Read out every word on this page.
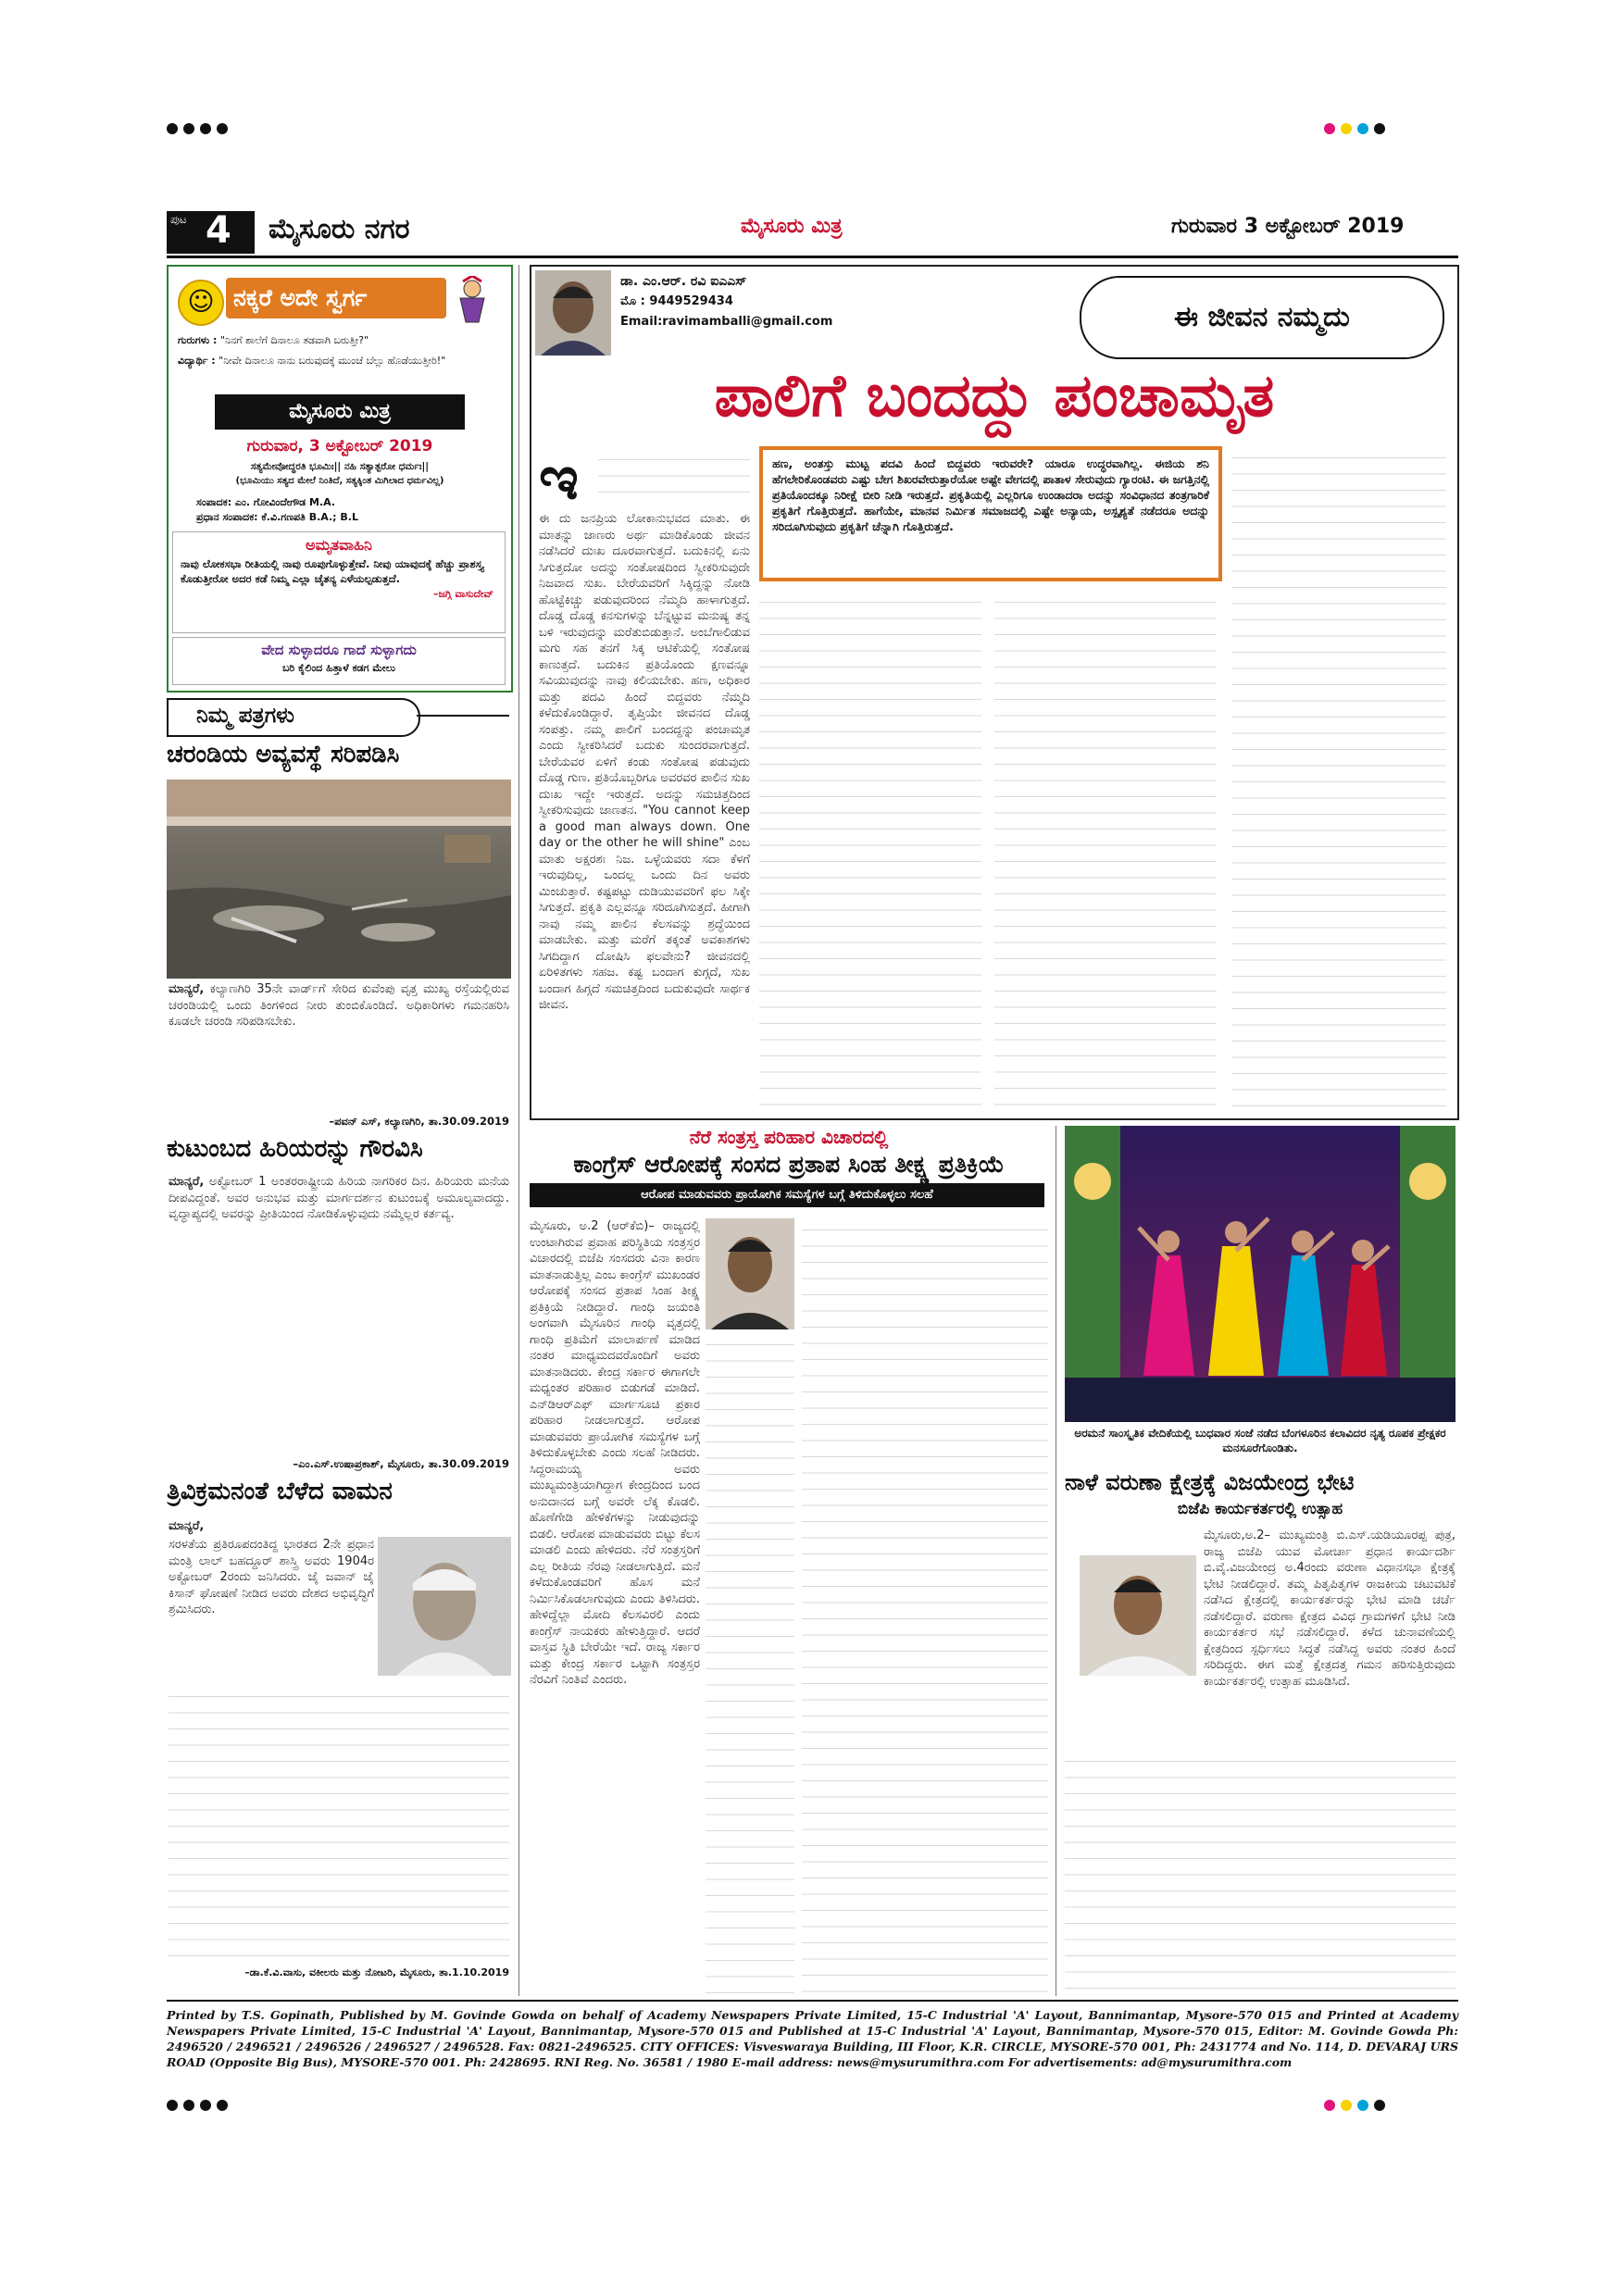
ಪುಟ 4 ಮೈಸೂರು ನಗರ	ಮೈಸೂರು ಮಿತ್ರ	ಗುರುವಾರ 3 ಅಕ್ಟೋಬರ್ 2019
☺ ನಕ್ಕರೆ ಅದೇ ಸ್ವರ್ಗ
ಗುರುಗಳು : "ನಿನಗೆ ಶಾಲೆಗೆ ದಿನಾಲೂ ತಡವಾಗಿ ಬರುತ್ತೀ?"
ವಿದ್ಯಾರ್ಥಿ : "ನೀವೇ ದಿನಾಲೂ ನಾನು ಬರುವುದಕ್ಕೆ ಮುಂಚೆ ಬೆಲ್ಲು ಹೊಡೆಯುತ್ತೀರಿ!"
ಮೈಸೂರು ಮಿತ್ರ
ಗುರುವಾರ, 3 ಅಕ್ಟೋಬರ್ 2019
ಸತ್ಯಮೇವೋದ್ಧರತಿ ಭೂಮಿಃ|| ನಹಿ ಸತ್ಯಾತ್ಪರೋ ಧರ್ಮಃ||
(ಭೂಮಿಯು ಸತ್ಯದ ಮೇಲೆ ನಿಂತಿದೆ, ಸತ್ಯಕ್ಕಿಂತ ಮಿಗಿಲಾದ ಧರ್ಮವಿಲ್ಲ)
ಸಂಪಾದಕ: ಎಂ. ಗೋವಿಂದೇಗೌಡ M.A.
ಪ್ರಧಾನ ಸಂಪಾದಕ: ಕೆ.ವಿ.ಗಣಪತಿ B.A.; B.L
ಅಮೃತವಾಹಿನಿ
ನಾವು ಲೋಕಸಭಾ ರೀತಿಯಲ್ಲಿ ನಾವು ರೂಪುಗೊಳ್ಳುತ್ತೇವೆ. ನೀವು ಯಾವುದಕ್ಕೆ ಹೆಚ್ಚು ಪ್ರಾಶಸ್ತ್ಯ ಕೊಡುತ್ತೀರೋ ಅದರ ಕಡೆ ನಿಮ್ಮ ಎಲ್ಲಾ ಚೈತನ್ಯ ಎಳೆಯಲ್ಪಡುತ್ತದೆ.
–ಜಗ್ಗಿ ವಾಸುದೇವ್
ವೇದ ಸುಳ್ಳಾದರೂ ಗಾದೆ ಸುಳ್ಳಾಗದು
ಬರಿ ಕೈಲಿಂದ ಹಿತ್ತಾಳೆ ಕಡಗ ಮೇಲು
ನಿಮ್ಮ ಪತ್ರಗಳು
ಚರಂಡಿಯ ಅವ್ಯವಸ್ಥೆ ಸರಿಪಡಿಸಿ
ಮಾನ್ಯರೆ, ಕಲ್ಯಾಣಗಿರಿ 35ನೇ ವಾರ್ಡ್‌ಗೆ ಸೇರಿದ ಕುವೆಂಪು ವೃತ್ತ ಮುಖ್ಯ ರಸ್ತೆಯಲ್ಲಿರುವ ಚರಂಡಿಯಲ್ಲಿ ಒಂದು ತಿಂಗಳಿಂದ ನೀರು ತುಂಬಿಕೊಂಡಿದೆ. ಅಧಿಕಾರಿಗಳು ಗಮನಹರಿಸಿ ಕೂಡಲೇ ಚರಂಡಿ ಸರಿಪಡಿಸಬೇಕು.
–ಪವನ್ ಎಸ್, ಕಲ್ಯಾಣಗಿರಿ, ತಾ.30.09.2019
ಕುಟುಂಬದ ಹಿರಿಯರನ್ನು ಗೌರವಿಸಿ
ಮಾನ್ಯರೆ, ಅಕ್ಟೋಬರ್ 1 ಅಂತರರಾಷ್ಟ್ರೀಯ ಹಿರಿಯ ನಾಗರಿಕರ ದಿನ. ಹಿರಿಯರು ಮನೆಯ ದೀಪವಿದ್ದಂತೆ. ಅವರ ಅನುಭವ ಮತ್ತು ಮಾರ್ಗದರ್ಶನ ಕುಟುಂಬಕ್ಕೆ ಅಮೂಲ್ಯವಾದದ್ದು. ವೃದ್ಧಾಪ್ಯದಲ್ಲಿ ಅವರನ್ನು ಪ್ರೀತಿಯಿಂದ ನೋಡಿಕೊಳ್ಳುವುದು ನಮ್ಮೆಲ್ಲರ ಕರ್ತವ್ಯ.
–ಎಂ.ಎಸ್.ಉಷಾಪ್ರಕಾಶ್, ಮೈಸೂರು, ತಾ.30.09.2019
ತ್ರಿವಿಕ್ರಮನಂತೆ ಬೆಳೆದ ವಾಮನ
ಮಾನ್ಯರೆ,
ಸರಳತೆಯ ಪ್ರತಿರೂಪದಂತಿದ್ದ ಭಾರತದ 2ನೇ ಪ್ರಧಾನ ಮಂತ್ರಿ ಲಾಲ್ ಬಹದ್ದೂರ್ ಶಾಸ್ತ್ರಿ ಅವರು 1904ರ ಅಕ್ಟೋಬರ್ 2ರಂದು ಜನಿಸಿದರು. ಜೈ ಜವಾನ್ ಜೈ ಕಿಸಾನ್ ಘೋಷಣೆ ನೀಡಿದ ಅವರು ದೇಶದ ಅಭಿವೃದ್ಧಿಗೆ ಶ್ರಮಿಸಿದರು.
–ಡಾ.ಕೆ.ವಿ.ವಾಸು, ವಕೀಲರು ಮತ್ತು ನೋಟರಿ, ಮೈಸೂರು, ತಾ.1.10.2019
ಡಾ. ಎಂ.ಆರ್. ರವಿ ಐಎಎಸ್
ಮೊ : 9449529434
Email:ravimamballi@gmail.com	ಈ ಜೀವನ ನಮ್ಮದು
ಪಾಲಿಗೆ ಬಂದದ್ದು ಪಂಚಾಮೃತ
ಇ
ಈ ದು ಜನಪ್ರಿಯ ಲೋಕಾನುಭವದ ಮಾತು. ಈ ಮಾತನ್ನು ಜಾಣರು ಅರ್ಥ ಮಾಡಿಕೊಂಡು ಜೀವನ ನಡೆಸಿದರೆ ದುಃಖ ದೂರವಾಗುತ್ತದೆ. ಬದುಕಿನಲ್ಲಿ ಏನು ಸಿಗುತ್ತದೋ ಅದನ್ನು ಸಂತೋಷದಿಂದ ಸ್ವೀಕರಿಸುವುದೇ ನಿಜವಾದ ಸುಖ. ಬೇರೆಯವರಿಗೆ ಸಿಕ್ಕಿದ್ದನ್ನು ನೋಡಿ ಹೊಟ್ಟೆಕಿಚ್ಚು ಪಡುವುದರಿಂದ ನೆಮ್ಮದಿ ಹಾಳಾಗುತ್ತದೆ. ದೊಡ್ಡ ದೊಡ್ಡ ಕನಸುಗಳನ್ನು ಬೆನ್ನಟ್ಟುವ ಮನುಷ್ಯ ತನ್ನ ಬಳಿ ಇರುವುದನ್ನು ಮರೆತುಬಿಡುತ್ತಾನೆ. ಅಂಬೆಗಾಲಿಡುವ ಮಗು ಸಹ ತನಗೆ ಸಿಕ್ಕ ಆಟಿಕೆಯಲ್ಲಿ ಸಂತೋಷ ಕಾಣುತ್ತದೆ. ಬದುಕಿನ ಪ್ರತಿಯೊಂದು ಕ್ಷಣವನ್ನೂ ಸವಿಯುವುದನ್ನು ನಾವು ಕಲಿಯಬೇಕು. ಹಣ, ಅಧಿಕಾರ ಮತ್ತು ಪದವಿ ಹಿಂದೆ ಬಿದ್ದವರು ನೆಮ್ಮದಿ ಕಳೆದುಕೊಂಡಿದ್ದಾರೆ. ತೃಪ್ತಿಯೇ ಜೀವನದ ದೊಡ್ಡ ಸಂಪತ್ತು. ನಮ್ಮ ಪಾಲಿಗೆ ಬಂದದ್ದನ್ನು ಪಂಚಾಮೃತ ಎಂದು ಸ್ವೀಕರಿಸಿದರೆ ಬದುಕು ಸುಂದರವಾಗುತ್ತದೆ. ಬೇರೆಯವರ ಏಳಿಗೆ ಕಂಡು ಸಂತೋಷ ಪಡುವುದು ದೊಡ್ಡ ಗುಣ. ಪ್ರತಿಯೊಬ್ಬರಿಗೂ ಅವರವರ ಪಾಲಿನ ಸುಖ ದುಃಖ ಇದ್ದೇ ಇರುತ್ತದೆ. ಅದನ್ನು ಸಮಚಿತ್ತದಿಂದ ಸ್ವೀಕರಿಸುವುದು ಜಾಣತನ. "You cannot keep a good man always down. One day or the other he will shine" ಎಂಬ ಮಾತು ಅಕ್ಷರಶಃ ನಿಜ. ಒಳ್ಳೆಯವರು ಸದಾ ಕೆಳಗೆ ಇರುವುದಿಲ್ಲ, ಒಂದಲ್ಲ ಒಂದು ದಿನ ಅವರು ಮಿಂಚುತ್ತಾರೆ. ಕಷ್ಟಪಟ್ಟು ದುಡಿಯುವವರಿಗೆ ಫಲ ಸಿಕ್ಕೇ ಸಿಗುತ್ತದೆ. ಪ್ರಕೃತಿ ಎಲ್ಲವನ್ನೂ ಸರಿದೂಗಿಸುತ್ತದೆ. ಹೀಗಾಗಿ ನಾವು ನಮ್ಮ ಪಾಲಿನ ಕೆಲಸವನ್ನು ಶ್ರದ್ಧೆಯಿಂದ ಮಾಡಬೇಕು. ಮತ್ತು ಮರೆಗೆ ತಕ್ಕಂತೆ ಅವಕಾಶಗಳು ಸಿಗದಿದ್ದಾಗ ದೋಷಿಸಿ ಫಲವೇನು? ಜೀವನದಲ್ಲಿ ಏರಿಳಿತಗಳು ಸಹಜ. ಕಷ್ಟ ಬಂದಾಗ ಕುಗ್ಗದೆ, ಸುಖ ಬಂದಾಗ ಹಿಗ್ಗದೆ ಸಮಚಿತ್ತದಿಂದ ಬದುಕುವುದೇ ಸಾರ್ಥಕ ಜೀವನ.
ಹಣ, ಅಂತಸ್ತು ಮುಟ್ಟ ಪದವಿ ಹಿಂದೆ ಬಿದ್ದವರು ಇರುವರೇ? ಯಾರೂ ಉದ್ಧರವಾಗಿಲ್ಲ. ಈಜಿಯ ಶನಿ ಹೆಗಲೇರಿಕೊಂಡವರು ಎಷ್ಟು ಬೇಗ ಶಿಖರವೇರುತ್ತಾರೆಯೋ ಅಷ್ಟೇ ವೇಗದಲ್ಲಿ ಪಾತಾಳ ಸೇರುವುದು ಗ್ಯಾರಂಟಿ. ಈ ಜಗತ್ತಿನಲ್ಲಿ ಪ್ರತಿಯೊಂದಕ್ಕೂ ನಿರೀಕ್ಷೆ ಬೀರಿ ನೀಡಿ ಇರುತ್ತದೆ. ಪ್ರಕೃತಿಯಲ್ಲಿ ಎಲ್ಲರಿಗೂ ಉಂಡಾದರಾ ಅದನ್ನು ಸಂವಿಧಾನದ ತಂತ್ರಗಾರಿಕೆ ಪ್ರಕೃತಿಗೆ ಗೊತ್ತಿರುತ್ತದೆ. ಹಾಗೆಯೇ, ಮಾನವ ನಿರ್ಮಿತ ಸಮಾಜದಲ್ಲಿ ಎಷ್ಟೇ ಅನ್ಯಾಯ, ಅಸ್ಪೃಶ್ಯತೆ ನಡೆದರೂ ಅದನ್ನು ಸರಿದೂಗಿಸುವುದು ಪ್ರಕೃತಿಗೆ ಚೆನ್ನಾಗಿ ಗೊತ್ತಿರುತ್ತದೆ.
ನೆರೆ ಸಂತ್ರಸ್ತ ಪರಿಹಾರ ವಿಚಾರದಲ್ಲಿ
ಕಾಂಗ್ರೆಸ್ ಆರೋಪಕ್ಕೆ ಸಂಸದ ಪ್ರತಾಪ ಸಿಂಹ ತೀಕ್ಷ್ಣ ಪ್ರತಿಕ್ರಿಯೆ
ಆರೋಪ ಮಾಡುವವರು ಪ್ರಾಯೋಗಿಕ ಸಮಸ್ಯೆಗಳ ಬಗ್ಗೆ ತಿಳಿದುಕೊಳ್ಳಲು ಸಲಹೆ
ಮೈಸೂರು, ಅ.2 (ಆರ್‌ಕೆಬಿ)– ರಾಜ್ಯದಲ್ಲಿ ಉಂಟಾಗಿರುವ ಪ್ರವಾಹ ಪರಿಸ್ಥಿತಿಯ ಸಂತ್ರಸ್ತರ ವಿಚಾರದಲ್ಲಿ ಬಿಜೆಪಿ ಸಂಸದರು ವಿನಾ ಕಾರಣ ಮಾತನಾಡುತ್ತಿಲ್ಲ ಎಂಬ ಕಾಂಗ್ರೆಸ್ ಮುಖಂಡರ ಆರೋಪಕ್ಕೆ ಸಂಸದ ಪ್ರತಾಪ ಸಿಂಹ ತೀಕ್ಷ್ಣ ಪ್ರತಿಕ್ರಿಯೆ ನೀಡಿದ್ದಾರೆ. ಗಾಂಧಿ ಜಯಂತಿ ಅಂಗವಾಗಿ ಮೈಸೂರಿನ ಗಾಂಧಿ ವೃತ್ತದಲ್ಲಿ ಗಾಂಧಿ ಪ್ರತಿಮೆಗೆ ಮಾಲಾರ್ಪಣೆ ಮಾಡಿದ ನಂತರ ಮಾಧ್ಯಮದವರೊಂದಿಗೆ ಅವರು ಮಾತನಾಡಿದರು. ಕೇಂದ್ರ ಸರ್ಕಾರ ಈಗಾಗಲೇ ಮಧ್ಯಂತರ ಪರಿಹಾರ ಬಿಡುಗಡೆ ಮಾಡಿದೆ. ಎನ್‌ಡಿಆರ್‌ಎಫ್ ಮಾರ್ಗಸೂಚಿ ಪ್ರಕಾರ ಪರಿಹಾರ ನೀಡಲಾಗುತ್ತದೆ. ಆರೋಪ ಮಾಡುವವರು ಪ್ರಾಯೋಗಿಕ ಸಮಸ್ಯೆಗಳ ಬಗ್ಗೆ ತಿಳಿದುಕೊಳ್ಳಬೇಕು ಎಂದು ಸಲಹೆ ನೀಡಿದರು. ಸಿದ್ದರಾಮಯ್ಯ ಅವರು ಮುಖ್ಯಮಂತ್ರಿಯಾಗಿದ್ದಾಗ ಕೇಂದ್ರದಿಂದ ಬಂದ ಅನುದಾನದ ಬಗ್ಗೆ ಅವರೇ ಲೆಕ್ಕ ಕೊಡಲಿ. ಹೊಣೆಗೇಡಿ ಹೇಳಿಕೆಗಳನ್ನು ನೀಡುವುದನ್ನು ಬಿಡಲಿ. ಆರೋಪ ಮಾಡುವವರು ಬಿಟ್ಟು ಕೆಲಸ ಮಾಡಲಿ ಎಂದು ಹೇಳಿದರು. ನೆರೆ ಸಂತ್ರಸ್ತರಿಗೆ ಎಲ್ಲ ರೀತಿಯ ನೆರವು ನೀಡಲಾಗುತ್ತಿದೆ. ಮನೆ ಕಳೆದುಕೊಂಡವರಿಗೆ ಹೊಸ ಮನೆ ನಿರ್ಮಿಸಿಕೊಡಲಾಗುವುದು ಎಂದು ತಿಳಿಸಿದರು. ಹೇಳಿದ್ದೆಲ್ಲಾ ಮೋದಿ ಕೆಲಸವಿರಲಿ ಎಂದು ಕಾಂಗ್ರೆಸ್ ನಾಯಕರು ಹೇಳುತ್ತಿದ್ದಾರೆ. ಆದರೆ ವಾಸ್ತವ ಸ್ಥಿತಿ ಬೇರೆಯೇ ಇದೆ. ರಾಜ್ಯ ಸರ್ಕಾರ ಮತ್ತು ಕೇಂದ್ರ ಸರ್ಕಾರ ಒಟ್ಟಾಗಿ ಸಂತ್ರಸ್ತರ ನೆರವಿಗೆ ನಿಂತಿವೆ ಎಂದರು.
ಅರಮನೆ ಸಾಂಸ್ಕೃತಿಕ ವೇದಿಕೆಯಲ್ಲಿ ಬುಧವಾರ ಸಂಜೆ ನಡೆದ ಬೆಂಗಳೂರಿನ ಕಲಾವಿದರ ನೃತ್ಯ ರೂಪಕ ಪ್ರೇಕ್ಷಕರ ಮನಸೂರೆಗೊಂಡಿತು.
ನಾಳೆ ವರುಣಾ ಕ್ಷೇತ್ರಕ್ಕೆ ವಿಜಯೇಂದ್ರ ಭೇಟಿ
ಬಿಜೆಪಿ ಕಾರ್ಯಕರ್ತರಲ್ಲಿ ಉತ್ಸಾಹ
ಮೈಸೂರು,ಅ.2– ಮುಖ್ಯಮಂತ್ರಿ ಬಿ.ಎಸ್.ಯಡಿಯೂರಪ್ಪ ಪುತ್ರ, ರಾಜ್ಯ ಬಿಜೆಪಿ ಯುವ ಮೋರ್ಚಾ ಪ್ರಧಾನ ಕಾರ್ಯದರ್ಶಿ ಬಿ.ವೈ.ವಿಜಯೇಂದ್ರ ಅ.4ರಂದು ವರುಣಾ ವಿಧಾನಸಭಾ ಕ್ಷೇತ್ರಕ್ಕೆ ಭೇಟಿ ನೀಡಲಿದ್ದಾರೆ. ತಮ್ಮ ಪಿತೃಪಿತೃಗಳ ರಾಜಕೀಯ ಚಟುವಟಿಕೆ ನಡೆಸಿದ ಕ್ಷೇತ್ರದಲ್ಲಿ ಕಾರ್ಯಕರ್ತರನ್ನು ಭೇಟಿ ಮಾಡಿ ಚರ್ಚೆ ನಡೆಸಲಿದ್ದಾರೆ. ವರುಣಾ ಕ್ಷೇತ್ರದ ವಿವಿಧ ಗ್ರಾಮಗಳಿಗೆ ಭೇಟಿ ನೀಡಿ ಕಾರ್ಯಕರ್ತರ ಸಭೆ ನಡೆಸಲಿದ್ದಾರೆ. ಕಳೆದ ಚುನಾವಣೆಯಲ್ಲಿ ಕ್ಷೇತ್ರದಿಂದ ಸ್ಪರ್ಧಿಸಲು ಸಿದ್ಧತೆ ನಡೆಸಿದ್ದ ಅವರು ನಂತರ ಹಿಂದೆ ಸರಿದಿದ್ದರು. ಈಗ ಮತ್ತೆ ಕ್ಷೇತ್ರದತ್ತ ಗಮನ ಹರಿಸುತ್ತಿರುವುದು ಕಾರ್ಯಕರ್ತರಲ್ಲಿ ಉತ್ಸಾಹ ಮೂಡಿಸಿದೆ.
Printed by T.S. Gopinath, Published by M. Govinde Gowda on behalf of Academy Newspapers Private Limited, 15-C Industrial 'A' Layout, Bannimantap, Mysore-570 015 and Printed at Academy Newspapers Private Limited, 15-C Industrial 'A' Layout, Bannimantap, Mysore-570 015 and Published at 15-C Industrial 'A' Layout, Bannimantap, Mysore-570 015, Editor: M. Govinde Gowda Ph: 2496520 / 2496521 / 2496526 / 2496527 / 2496528. Fax: 0821-2496525. CITY OFFICES: Visveswaraya Building, III Floor, K.R. CIRCLE, MYSORE-570 001, Ph: 2431774 and No. 114, D. DEVARAJ URS ROAD (Opposite Big Bus), MYSORE-570 001. Ph: 2428695. RNI Reg. No. 36581 / 1980 E-mail address: news@mysurumithra.com For advertisements: ad@mysurumithra.com
